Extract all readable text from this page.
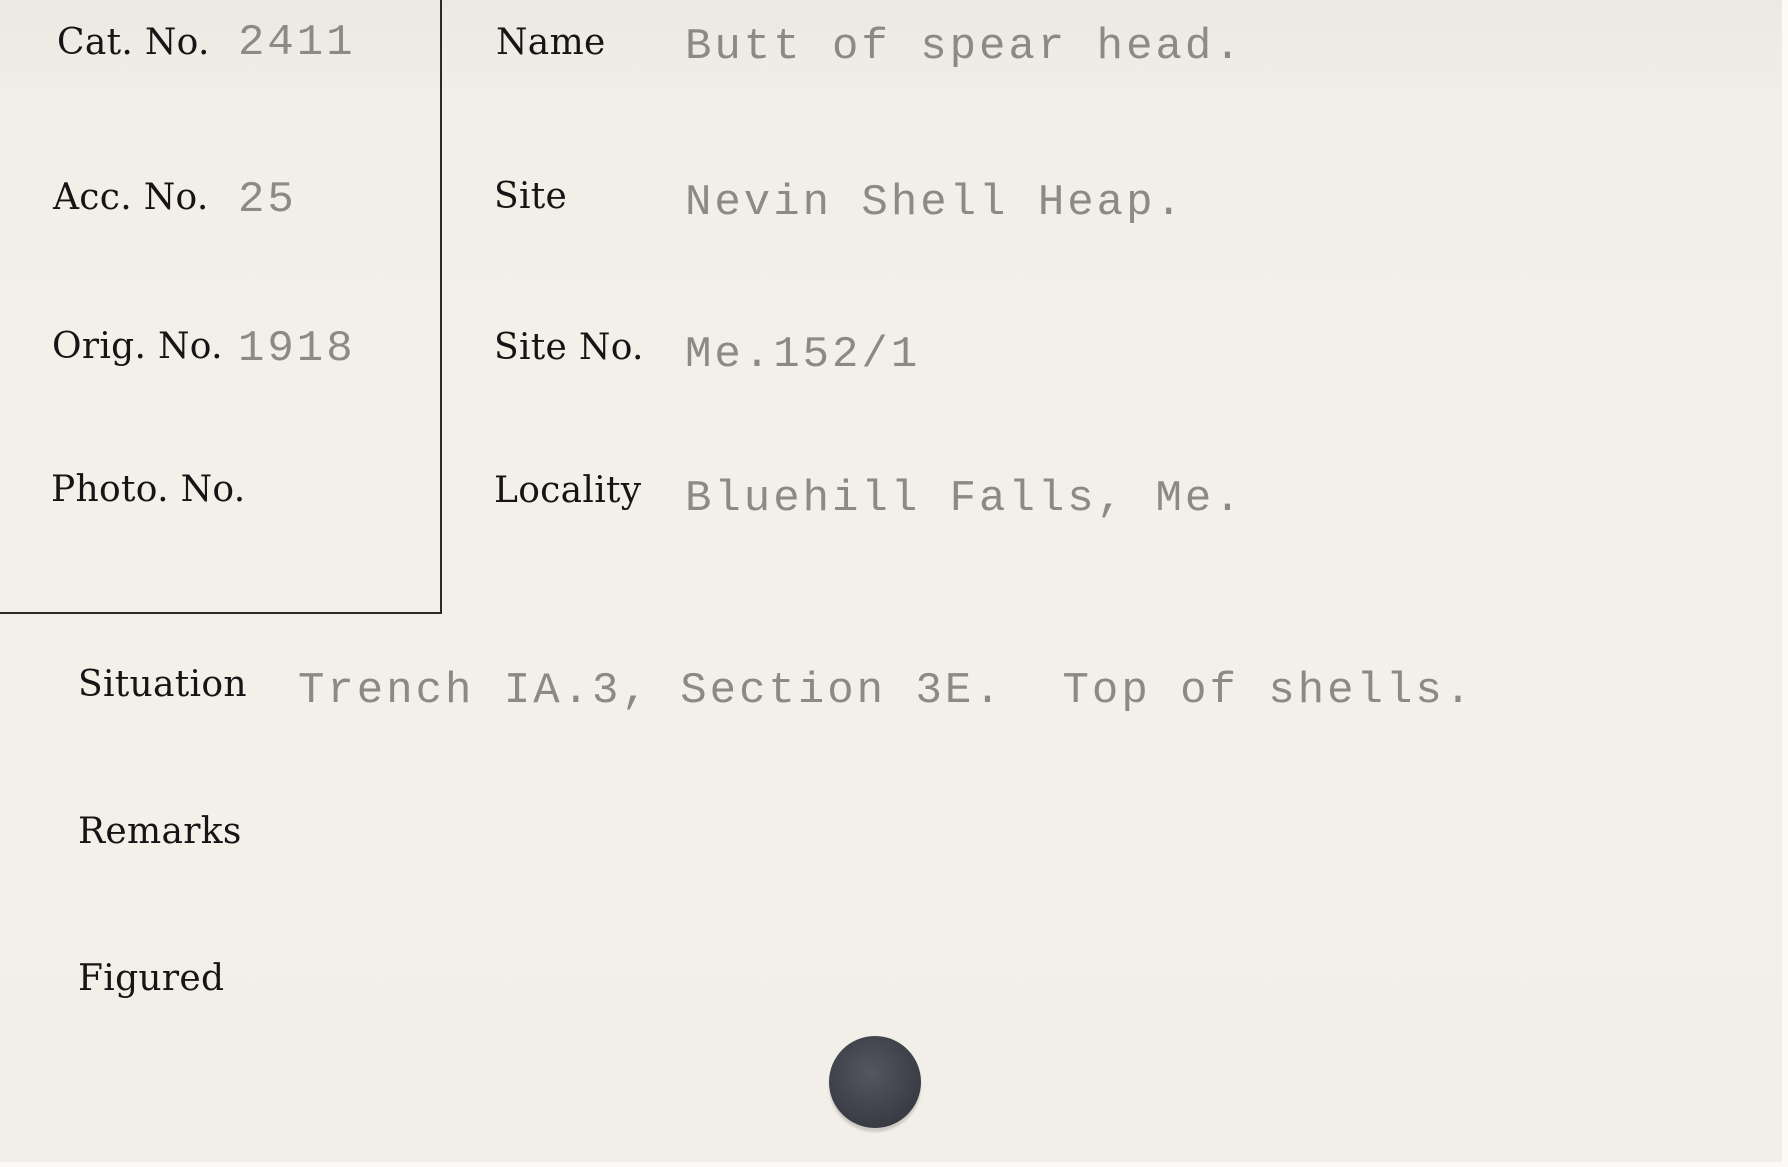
Cat. No. 2411
Acc. No. 25
Orig. No. 1918
Photo. No.
Name Butt of spear head.
Site	Nevin Shell Heap.
Site No. Me.152/1
Locality Bluehill Falls, Me.
Situation Trench IA.3, Section 3E.  Top of shells.
Remarks
Figured
